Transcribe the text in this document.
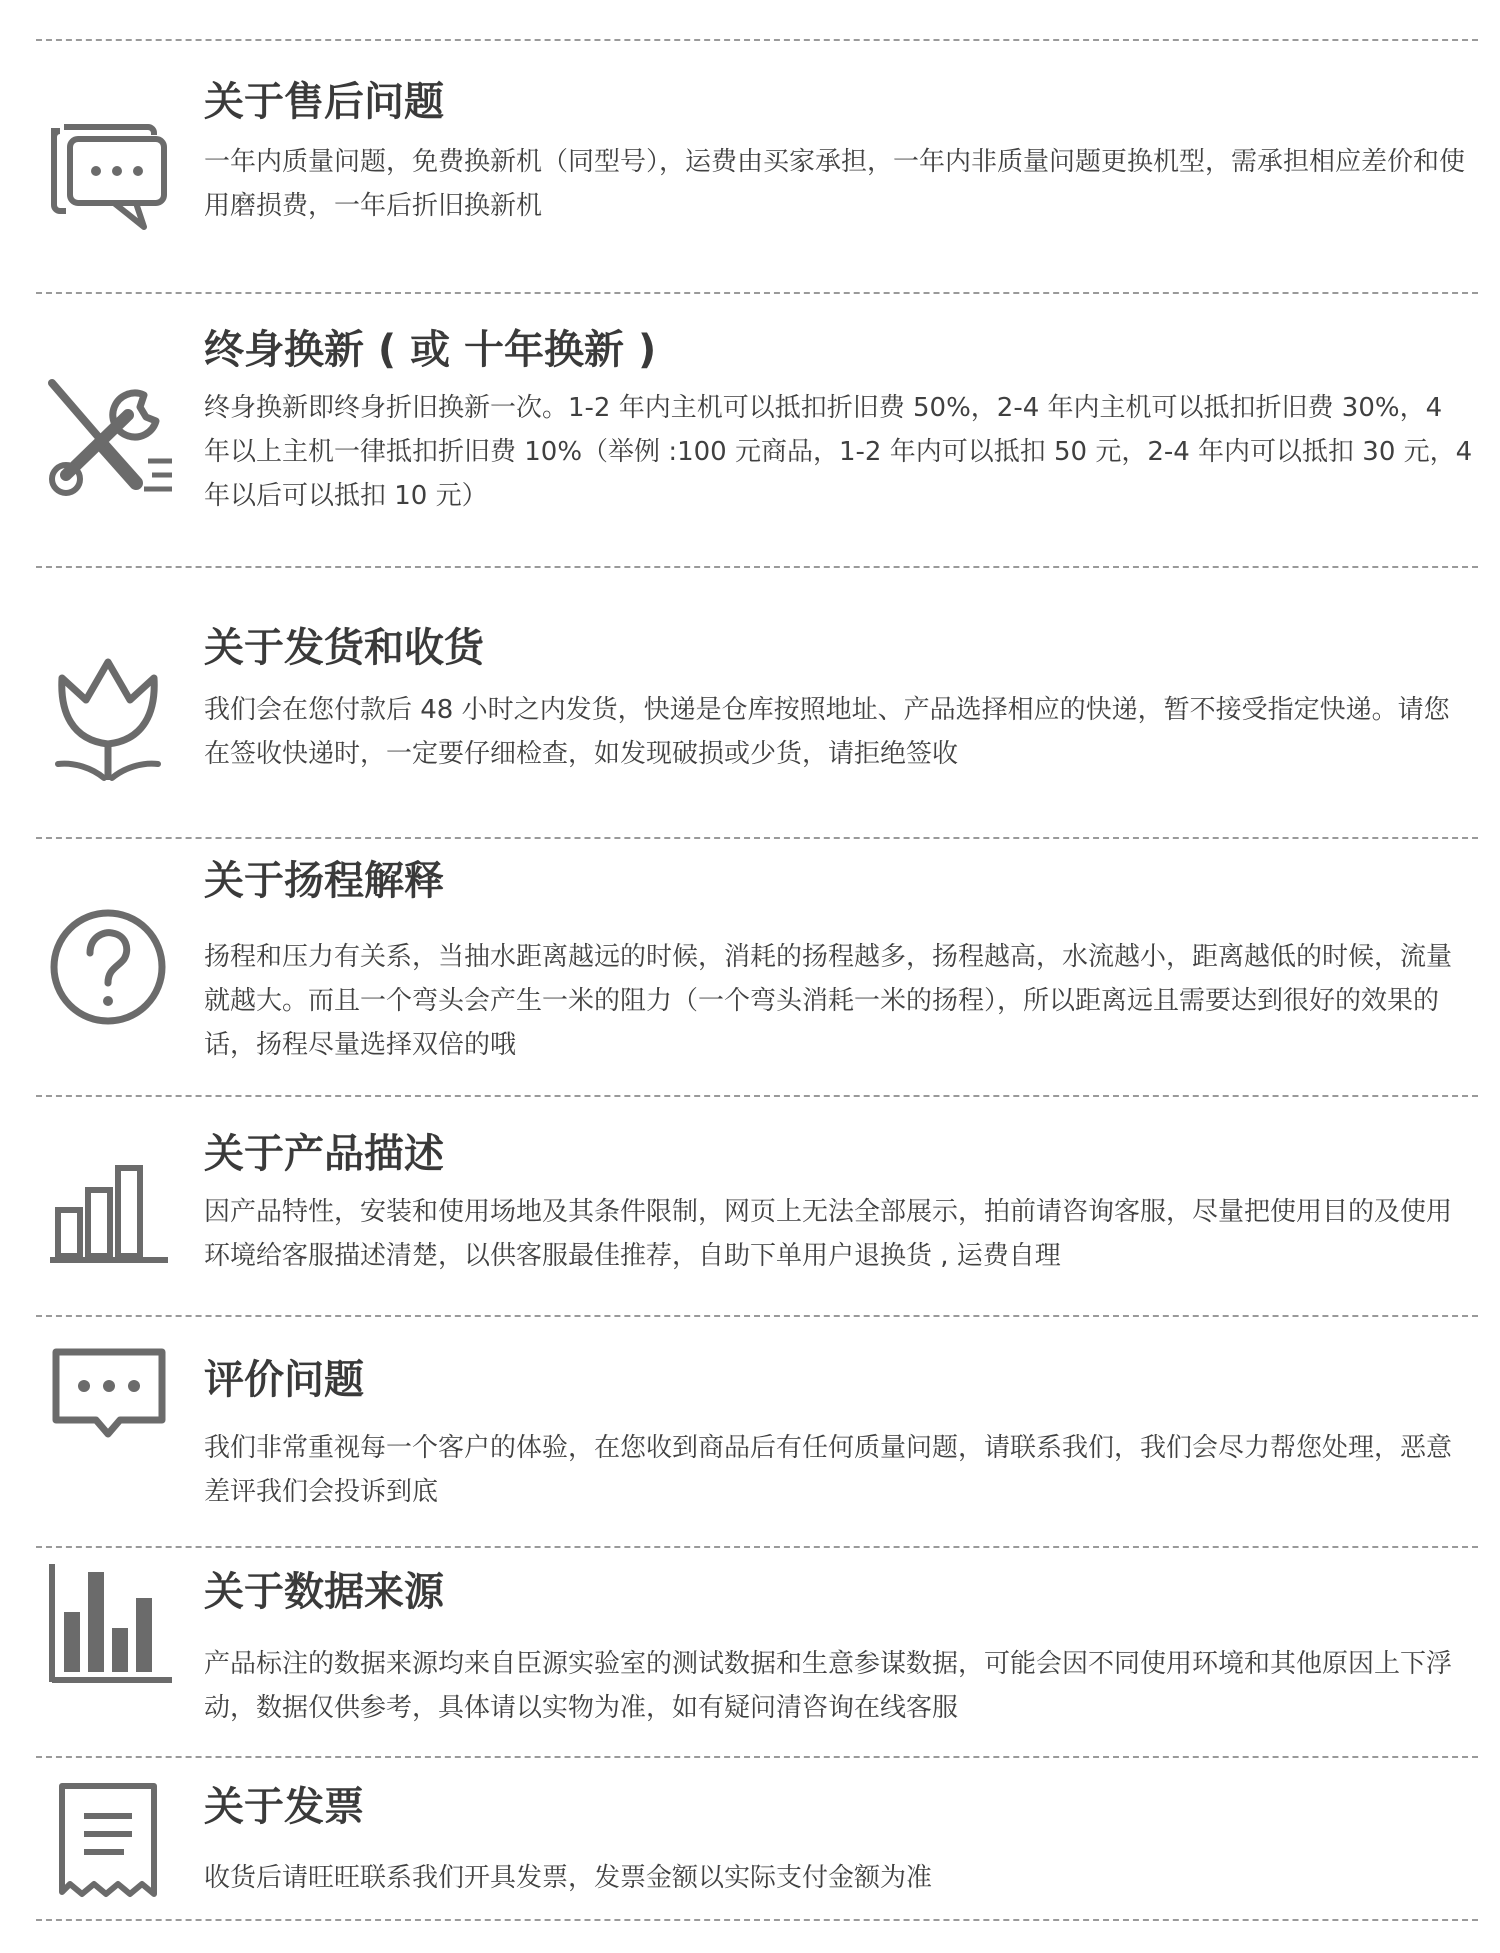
关于售后问题

一年内质量问题，免费换新机（同型号），运费由买家承担，一年内非质量问题更换机型，需承担相应差价和使用磨损费，一年后折旧换新机

终身换新 ( 或 十年换新 )

终身换新即终身折旧换新一次。1-2 年内主机可以抵扣折旧费 50%，2-4 年内主机可以抵扣折旧费 30%，4 年以上主机一律抵扣折旧费 10%（举例 :100 元商品，1-2 年内可以抵扣 50 元，2-4 年内可以抵扣 30 元，4 年以后可以抵扣 10 元）

关于发货和收货

我们会在您付款后 48 小时之内发货，快递是仓库按照地址、产品选择相应的快递，暂不接受指定快递。请您在签收快递时，一定要仔细检查，如发现破损或少货，请拒绝签收

关于扬程解释

扬程和压力有关系，当抽水距离越远的时候，消耗的扬程越多，扬程越高，水流越小，距离越低的时候，流量就越大。而且一个弯头会产生一米的阻力（一个弯头消耗一米的扬程），所以距离远且需要达到很好的效果的话，扬程尽量选择双倍的哦

关于产品描述

因产品特性，安装和使用场地及其条件限制，网页上无法全部展示，拍前请咨询客服，尽量把使用目的及使用环境给客服描述清楚，以供客服最佳推荐，自助下单用户退换货 , 运费自理

评价问题

我们非常重视每一个客户的体验，在您收到商品后有任何质量问题，请联系我们，我们会尽力帮您处理，恶意差评我们会投诉到底

关于数据来源

产品标注的数据来源均来自臣源实验室的测试数据和生意参谋数据，可能会因不同使用环境和其他原因上下浮动，数据仅供参考，具体请以实物为准，如有疑问清咨询在线客服

关于发票

收货后请旺旺联系我们开具发票，发票金额以实际支付金额为准
